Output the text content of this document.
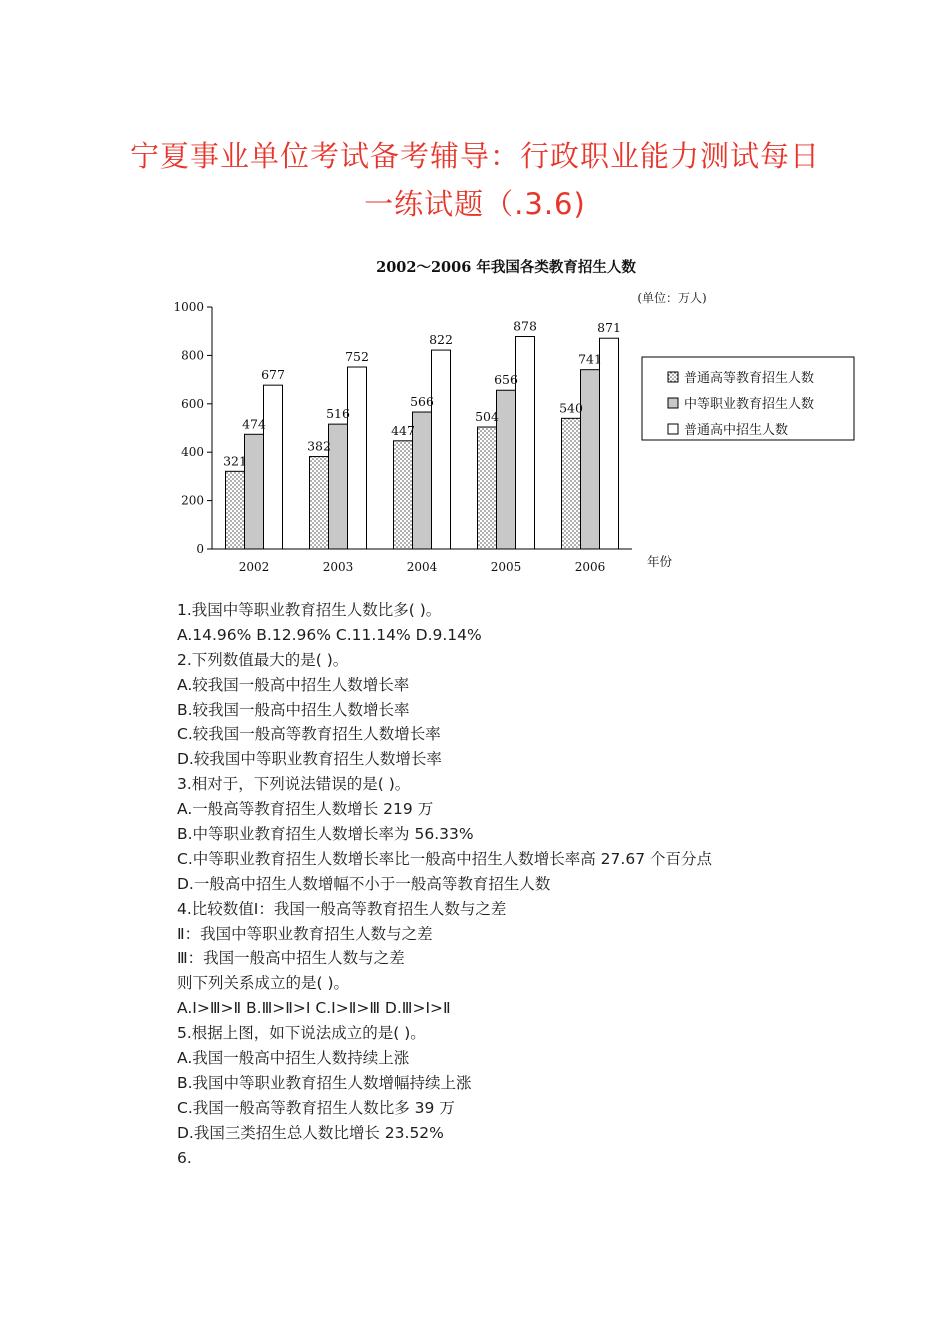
宁夏事业单位考试备考辅导：行政职业能力测试每日
一练试题（.3.6)
2002～2006 年我国各类教育招生人数
(单位：万人)
0
200
400
600
800
1000
2002	2003	2004	2005	2006	年份
321
474
677
382
516
752
447
566
822
504
656
878
540
741
871
普通高等教育招生人数
中等职业教育招生人数
普通高中招生人数
1.我国中等职业教育招生人数比多( )。
A.14.96% B.12.96% C.11.14% D.9.14%
2.下列数值最大的是( )。
A.较我国一般高中招生人数增长率
B.较我国一般高中招生人数增长率
C.较我国一般高等教育招生人数增长率
D.较我国中等职业教育招生人数增长率
3.相对于，下列说法错误的是( )。
A.一般高等教育招生人数增长 219 万
B.中等职业教育招生人数增长率为 56.33%
C.中等职业教育招生人数增长率比一般高中招生人数增长率高 27.67 个百分点
D.一般高中招生人数增幅不小于一般高等教育招生人数
4.比较数值Ⅰ：我国一般高等教育招生人数与之差
Ⅱ：我国中等职业教育招生人数与之差
Ⅲ：我国一般高中招生人数与之差
则下列关系成立的是( )。
A.Ⅰ>Ⅲ>Ⅱ B.Ⅲ>Ⅱ>Ⅰ C.Ⅰ>Ⅱ>Ⅲ D.Ⅲ>Ⅰ>Ⅱ
5.根据上图，如下说法成立的是( )。
A.我国一般高中招生人数持续上涨
B.我国中等职业教育招生人数增幅持续上涨
C.我国一般高等教育招生人数比多 39 万
D.我国三类招生总人数比增长 23.52%
6.
